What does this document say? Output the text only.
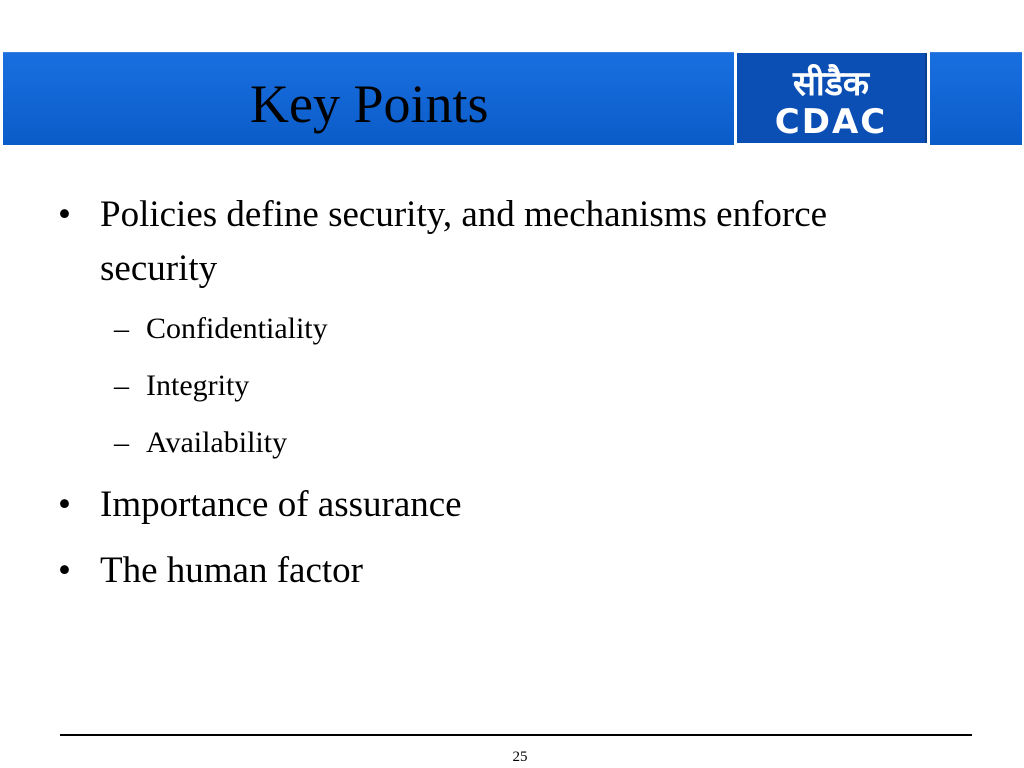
Key Points	सीडैक
CDAC
• Policies define security, and mechanisms enforce
security
– Confidentiality
– Integrity
– Availability
• Importance of assurance
• The human factor
25
